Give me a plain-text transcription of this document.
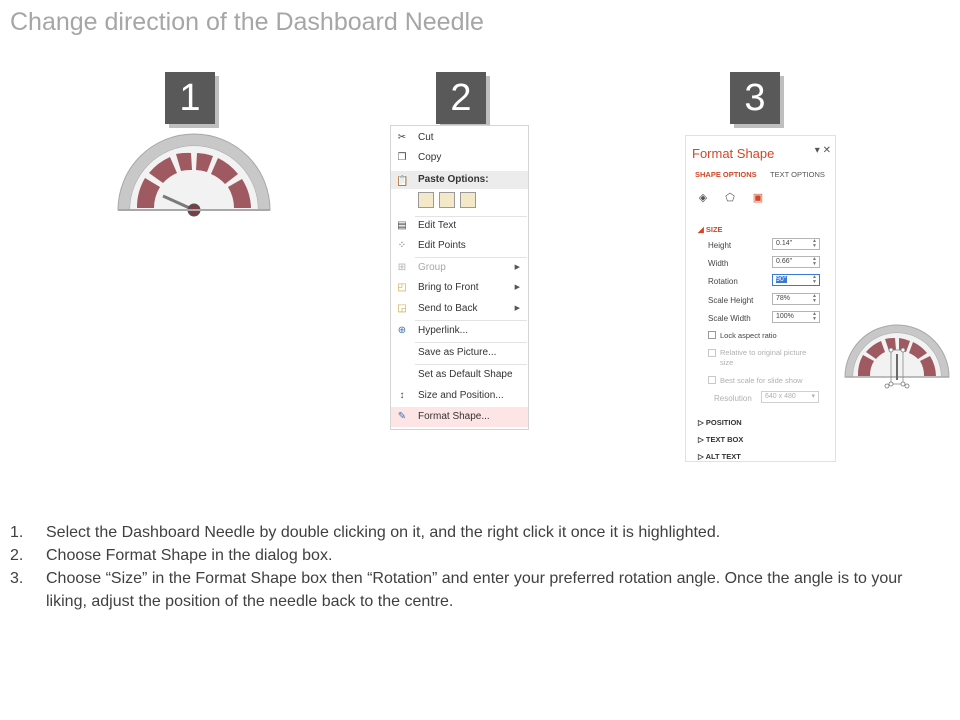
Change direction of the Dashboard Needle
1	2	3
✂ Cut
❐ Copy
📋 Paste Options:
▤ Edit Text
⁘ Edit Points
⊞ Group	▶
◰ Bring to Front	▶
◲ Send to Back	▶
⊕ Hyperlink...
Save as Picture...
Set as Default Shape
↕	Size and Position...
✎ Format Shape...
Format Shape	▾ ✕
SHAPE OPTIONS TEXT OPTIONS
◈ ⬠ ▣
◢ SIZE
Height	0.14"	▲
▼
Width	0.66"	▲
▼
Rotation	90°	▲
▼
Scale Height	78%	▲
▼
Scale Width	100%	▲
▼
Lock aspect ratio
Relative to original picture size
Best scale for slide show
Resolution	640 x 480 ▾
▷ POSITION
▷ TEXT BOX
▷ ALT TEXT
1. Select the Dashboard Needle by double clicking on it, and the right click it once it is highlighted.
2. Choose Format Shape in the dialog box.
3. Choose “Size” in the Format Shape box then “Rotation” and enter your preferred rotation angle. Once the angle is to your liking, adjust the position of the needle back to the centre.
